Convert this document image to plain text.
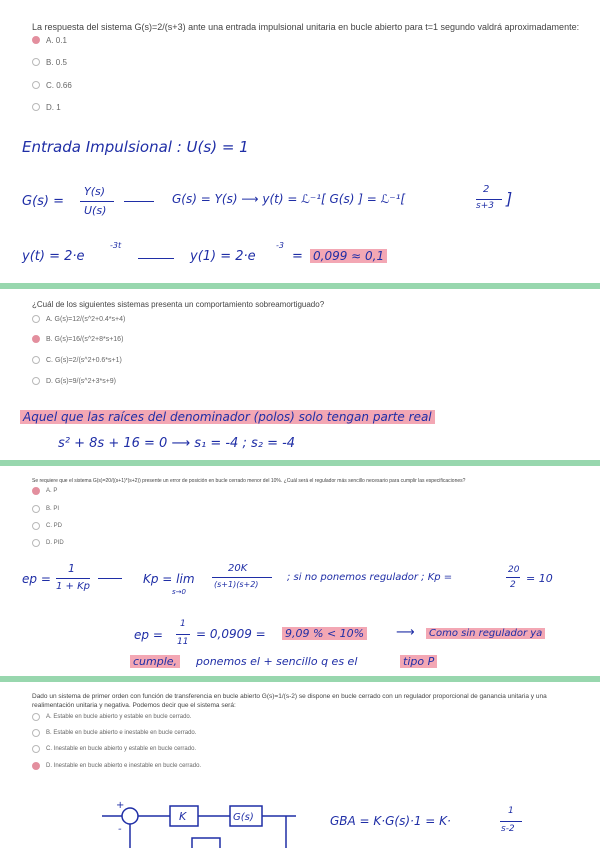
La respuesta del sistema G(s)=2/(s+3) ante una entrada impulsional unitaria en bucle abierto para t=1 segundo valdrá aproximadamente:
A. 0.1
B. 0.5
C. 0.66
D. 1
Entrada Impulsional : U(s) = 1
G(s) =
Y(s)
U(s)
G(s) = Y(s) ⟶ y(t) = ℒ⁻¹[ G(s) ] = ℒ⁻¹[
2
s+3 ]
y(t) = 2·e
-3t
y(1) = 2·e
-3
= 0,099 ≈ 0,1
¿Cuál de los siguientes sistemas presenta un comportamiento sobreamortiguado?
A. G(s)=12/(s^2+0.4*s+4)
B. G(s)=16/(s^2+8*s+16)
C. G(s)=2/(s^2+0.6*s+1)
D. G(s)=9/(s^2+3*s+9)
Aquel que las raíces del denominador (polos) solo tengan parte real
s² + 8s + 16 = 0 ⟶ s₁ = -4 ; s₂ = -4
Se requiere que el sistema G(s)=20/((s+1)*(s+2)) presente un error de posición en bucle cerrado menor del 10%. ¿Cuál será el regulador más sencillo necesario para cumplir las especificaciones?
A. P
B. PI
C. PD
D. PID
ep =
1
1 + Kp
Kp = lim
s→0
20K
(s+1)(s+2)
; si no ponemos regulador ; Kp =
20
2 = 10
ep =
1
11
= 0,0909 = 9,09 % < 10% ⟶	Como sin regulador ya
cumple, ponemos el + sencillo q es el	tipo P
Dado un sistema de primer orden con función de transferencia en bucle abierto G(s)=1/(s-2) se dispone en bucle cerrado con un regulador proporcional de ganancia unitaria y una realimentación unitaria y negativa. Podemos decir que el sistema será:
A. Estable en bucle abierto y estable en bucle cerrado.
B. Estable en bucle abierto e inestable en bucle cerrado.
C. Inestable en bucle abierto y estable en bucle cerrado.
D. Inestable en bucle abierto e inestable en bucle cerrado.
+
-
K	G(s)	GBA = K·G(s)·1 = K·
1
s-2
